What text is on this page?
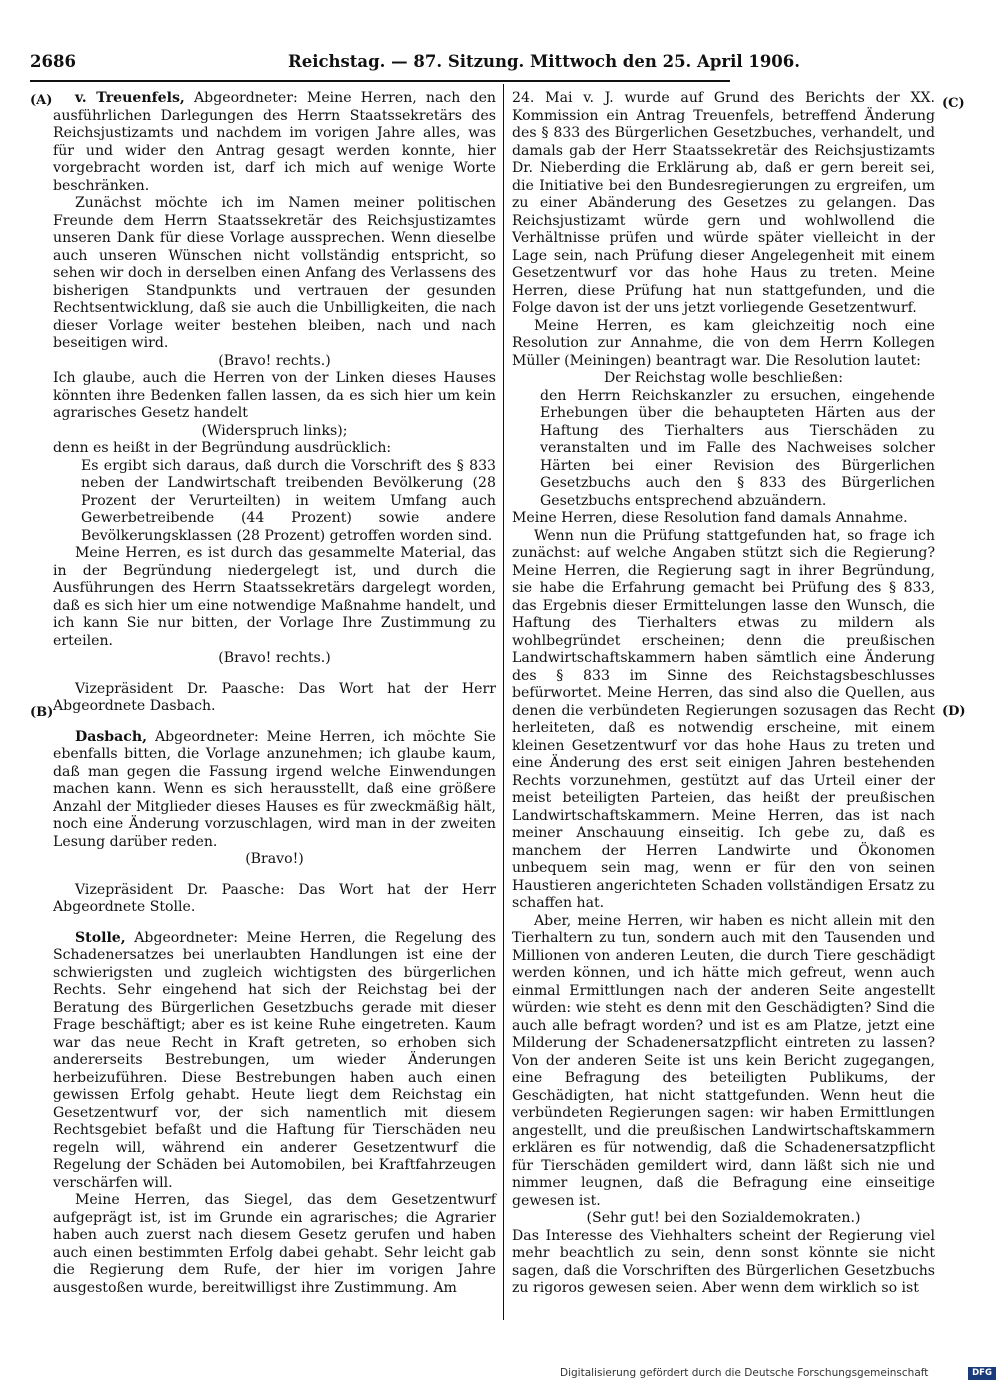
2686	Reichstag. — 87. Sitzung. Mittwoch den 25. April 1906.
(A)
(B)
(C)
(D)

v. Treuenfels, Abgeordneter: Meine Herren, nach den ausführlichen Darlegungen des Herrn Staatssekretärs des Reichsjustizamts und nachdem im vorigen Jahre alles, was für und wider den Antrag gesagt werden konnte, hier vorgebracht worden ist, darf ich mich auf wenige Worte beschränken.

Zunächst möchte ich im Namen meiner politischen Freunde dem Herrn Staatssekretär des Reichsjustizamtes unseren Dank für diese Vorlage aussprechen. Wenn dieselbe auch unseren Wünschen nicht vollständig entspricht, so sehen wir doch in derselben einen Anfang des Verlassens des bisherigen Standpunkts und vertrauen der gesunden Rechtsentwicklung, daß sie auch die Unbilligkeiten, die nach dieser Vorlage weiter bestehen bleiben, nach und nach beseitigen wird.

(Bravo! rechts.)

Ich glaube, auch die Herren von der Linken dieses Hauses könnten ihre Bedenken fallen lassen, da es sich hier um kein agrarisches Gesetz handelt

(Widerspruch links);

denn es heißt in der Begründung ausdrücklich:

Es ergibt sich daraus, daß durch die Vorschrift des § 833 neben der Landwirtschaft treibenden Bevölkerung (28 Prozent der Verurteilten) in weitem Umfang auch Gewerbetreibende (44 Prozent) sowie andere Bevölkerungsklassen (28 Prozent) getroffen worden sind.

Meine Herren, es ist durch das gesammelte Material, das in der Begründung niedergelegt ist, und durch die Ausführungen des Herrn Staatssekretärs dargelegt worden, daß es sich hier um eine notwendige Maßnahme handelt, und ich kann Sie nur bitten, der Vorlage Ihre Zustimmung zu erteilen.

(Bravo! rechts.)

Vizepräsident Dr. Paasche: Das Wort hat der Herr Abgeordnete Dasbach.

Dasbach, Abgeordneter: Meine Herren, ich möchte Sie ebenfalls bitten, die Vorlage anzunehmen; ich glaube kaum, daß man gegen die Fassung irgend welche Einwendungen machen kann. Wenn es sich herausstellt, daß eine größere Anzahl der Mitglieder dieses Hauses es für zweckmäßig hält, noch eine Änderung vorzuschlagen, wird man in der zweiten Lesung darüber reden.

(Bravo!)

Vizepräsident Dr. Paasche: Das Wort hat der Herr Abgeordnete Stolle.

Stolle, Abgeordneter: Meine Herren, die Regelung des Schadenersatzes bei unerlaubten Handlungen ist eine der schwierigsten und zugleich wichtigsten des bürgerlichen Rechts. Sehr eingehend hat sich der Reichstag bei der Beratung des Bürgerlichen Gesetzbuchs gerade mit dieser Frage beschäftigt; aber es ist keine Ruhe eingetreten. Kaum war das neue Recht in Kraft getreten, so erhoben sich andererseits Bestrebungen, um wieder Änderungen herbeizuführen. Diese Bestrebungen haben auch einen gewissen Erfolg gehabt. Heute liegt dem Reichstag ein Gesetzentwurf vor, der sich namentlich mit diesem Rechtsgebiet befaßt und die Haftung für Tierschäden neu regeln will, während ein anderer Gesetzentwurf die Regelung der Schäden bei Automobilen, bei Kraftfahrzeugen verschärfen will.

Meine Herren, das Siegel, das dem Gesetzentwurf aufgeprägt ist, ist im Grunde ein agrarisches; die Agrarier haben auch zuerst nach diesem Gesetz gerufen und haben auch einen bestimmten Erfolg dabei gehabt. Sehr leicht gab die Regierung dem Rufe, der hier im vorigen Jahre ausgestoßen wurde, bereitwilligst ihre Zustimmung. Am

24. Mai v. J. wurde auf Grund des Berichts der XX. Kommission ein Antrag Treuenfels, betreffend Änderung des § 833 des Bürgerlichen Gesetzbuches, verhandelt, und damals gab der Herr Staatssekretär des Reichsjustizamts Dr. Nieberding die Erklärung ab, daß er gern bereit sei, die Initiative bei den Bundesregierungen zu ergreifen, um zu einer Abänderung des Gesetzes zu gelangen. Das Reichsjustizamt würde gern und wohlwollend die Verhältnisse prüfen und würde später vielleicht in der Lage sein, nach Prüfung dieser Angelegenheit mit einem Gesetzentwurf vor das hohe Haus zu treten. Meine Herren, diese Prüfung hat nun stattgefunden, und die Folge davon ist der uns jetzt vorliegende Gesetzentwurf.

Meine Herren, es kam gleichzeitig noch eine Resolution zur Annahme, die von dem Herrn Kollegen Müller (Meiningen) beantragt war. Die Resolution lautet:

Der Reichstag wolle beschließen:

den Herrn Reichskanzler zu ersuchen, eingehende Erhebungen über die behaupteten Härten aus der Haftung des Tierhalters aus Tierschäden zu veranstalten und im Falle des Nachweises solcher Härten bei einer Revision des Bürgerlichen Gesetzbuchs auch den § 833 des Bürgerlichen Gesetzbuchs entsprechend abzuändern.

Meine Herren, diese Resolution fand damals Annahme.

Wenn nun die Prüfung stattgefunden hat, so frage ich zunächst: auf welche Angaben stützt sich die Regierung? Meine Herren, die Regierung sagt in ihrer Begründung, sie habe die Erfahrung gemacht bei Prüfung des § 833, das Ergebnis dieser Ermittelungen lasse den Wunsch, die Haftung des Tierhalters etwas zu mildern als wohlbegründet erscheinen; denn die preußischen Landwirtschaftskammern haben sämtlich eine Änderung des § 833 im Sinne des Reichstagsbeschlusses befürwortet. Meine Herren, das sind also die Quellen, aus denen die verbündeten Regierungen sozusagen das Recht herleiteten, daß es notwendig erscheine, mit einem kleinen Gesetzentwurf vor das hohe Haus zu treten und eine Änderung des erst seit einigen Jahren bestehenden Rechts vorzunehmen, gestützt auf das Urteil einer der meist beteiligten Parteien, das heißt der preußischen Landwirtschaftskammern. Meine Herren, das ist nach meiner Anschauung einseitig. Ich gebe zu, daß es manchem der Herren Landwirte und Ökonomen unbequem sein mag, wenn er für den von seinen Haustieren angerichteten Schaden vollständigen Ersatz zu schaffen hat.

Aber, meine Herren, wir haben es nicht allein mit den Tierhaltern zu tun, sondern auch mit den Tausenden und Millionen von anderen Leuten, die durch Tiere geschädigt werden können, und ich hätte mich gefreut, wenn auch einmal Ermittlungen nach der anderen Seite angestellt würden: wie steht es denn mit den Geschädigten? Sind die auch alle befragt worden? und ist es am Platze, jetzt eine Milderung der Schadenersatzpflicht eintreten zu lassen? Von der anderen Seite ist uns kein Bericht zugegangen, eine Befragung des beteiligten Publikums, der Geschädigten, hat nicht stattgefunden. Wenn heut die verbündeten Regierungen sagen: wir haben Ermittlungen angestellt, und die preußischen Landwirtschaftskammern erklären es für notwendig, daß die Schadenersatzpflicht für Tierschäden gemildert wird, dann läßt sich nie und nimmer leugnen, daß die Befragung eine einseitige gewesen ist.

(Sehr gut! bei den Sozialdemokraten.)

Das Interesse des Viehhalters scheint der Regierung viel mehr beachtlich zu sein, denn sonst könnte sie nicht sagen, daß die Vorschriften des Bürgerlichen Gesetzbuchs zu rigoros gewesen seien. Aber wenn dem wirklich so ist

Digitalisierung gefördert durch die Deutsche Forschungsgemeinschaft	DFG
